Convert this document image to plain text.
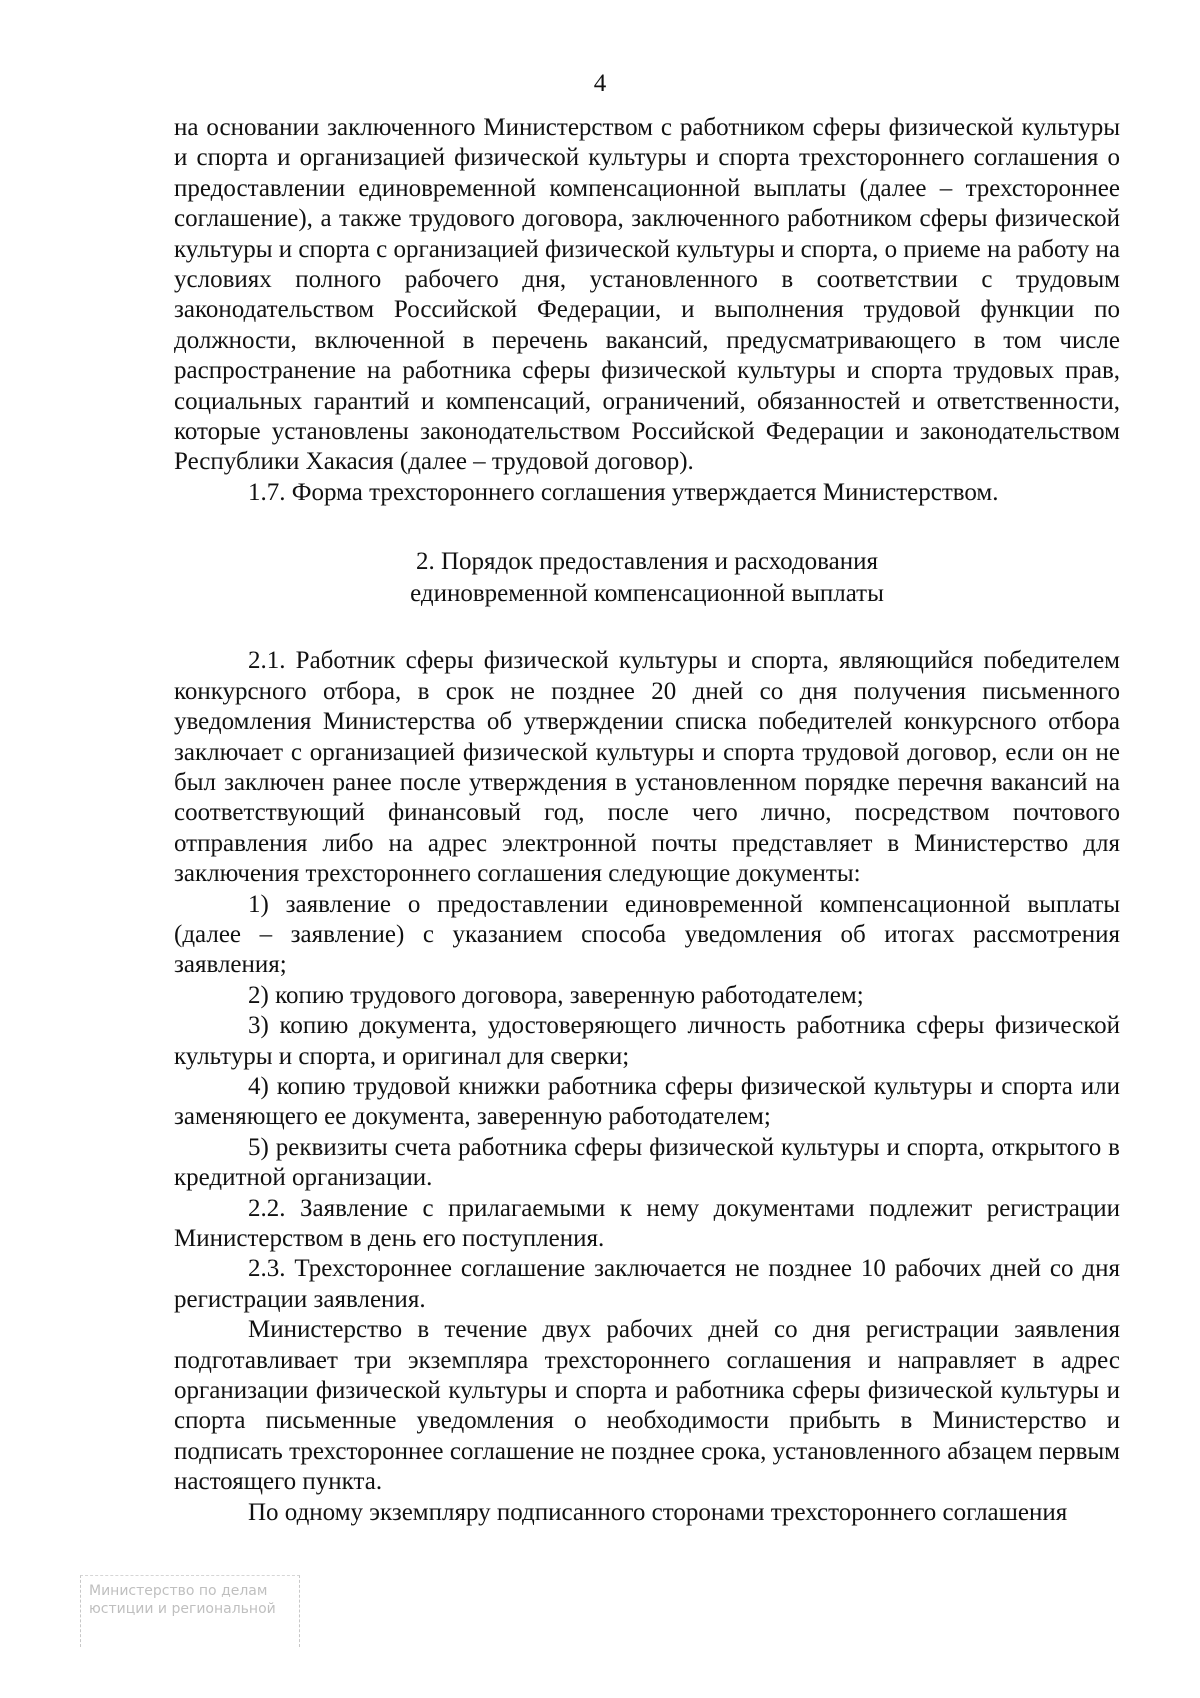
4

на основании заключенного Министерством с работником сферы физической культуры и спорта и организацией физической культуры и спорта трехстороннего соглашения о предоставлении единовременной компенсационной выплаты (далее – трехстороннее соглашение), а также трудового договора, заключенного работником сферы физической культуры и спорта с организацией физической культуры и спорта, о приеме на работу на условиях полного рабочего дня, установленного в соответствии с трудовым законодательством Российской Федерации, и выполнения трудовой функции по должности, включенной в перечень вакансий, предусматривающего в том числе распространение на работника сферы физической культуры и спорта трудовых прав, социальных гарантий и компенсаций, ограничений, обязанностей и ответственности, которые установлены законодательством Российской Федерации и законодательством Республики Хакасия (далее – трудовой договор).

1.7. Форма трехстороннего соглашения утверждается Министерством.

2. Порядок предоставления и расходования
единовременной компенсационной выплаты

2.1. Работник сферы физической культуры и спорта, являющийся победителем конкурсного отбора, в срок не позднее 20 дней со дня получения письменного уведомления Министерства об утверждении списка победителей конкурсного отбора заключает с организацией физической культуры и спорта трудовой договор, если он не был заключен ранее после утверждения в установленном порядке перечня вакансий на соответствующий финансовый год, после чего лично, посредством почтового отправления либо на адрес электронной почты представляет в Министерство для заключения трехстороннего соглашения следующие документы:

1) заявление о предоставлении единовременной компенсационной выплаты (далее – заявление) с указанием способа уведомления об итогах рассмотрения заявления;

2) копию трудового договора, заверенную работодателем;

3) копию документа, удостоверяющего личность работника сферы физической культуры и спорта, и оригинал для сверки;

4) копию трудовой книжки работника сферы физической культуры и спорта или заменяющего ее документа, заверенную работодателем;

5) реквизиты счета работника сферы физической культуры и спорта, открытого в кредитной организации.

2.2. Заявление с прилагаемыми к нему документами подлежит регистрации Министерством в день его поступления.

2.3. Трехстороннее соглашение заключается не позднее 10 рабочих дней со дня регистрации заявления.

Министерство в течение двух рабочих дней со дня регистрации заявления подготавливает три экземпляра трехстороннего соглашения и направляет в адрес организации физической культуры и спорта и работника сферы физической культуры и спорта письменные уведомления о необходимости прибыть в Министерство и подписать трехстороннее соглашение не позднее срока, установленного абзацем первым настоящего пункта.

По одному экземпляру подписанного сторонами трехстороннего соглашения

Министерство по делам
юстиции и региональной
